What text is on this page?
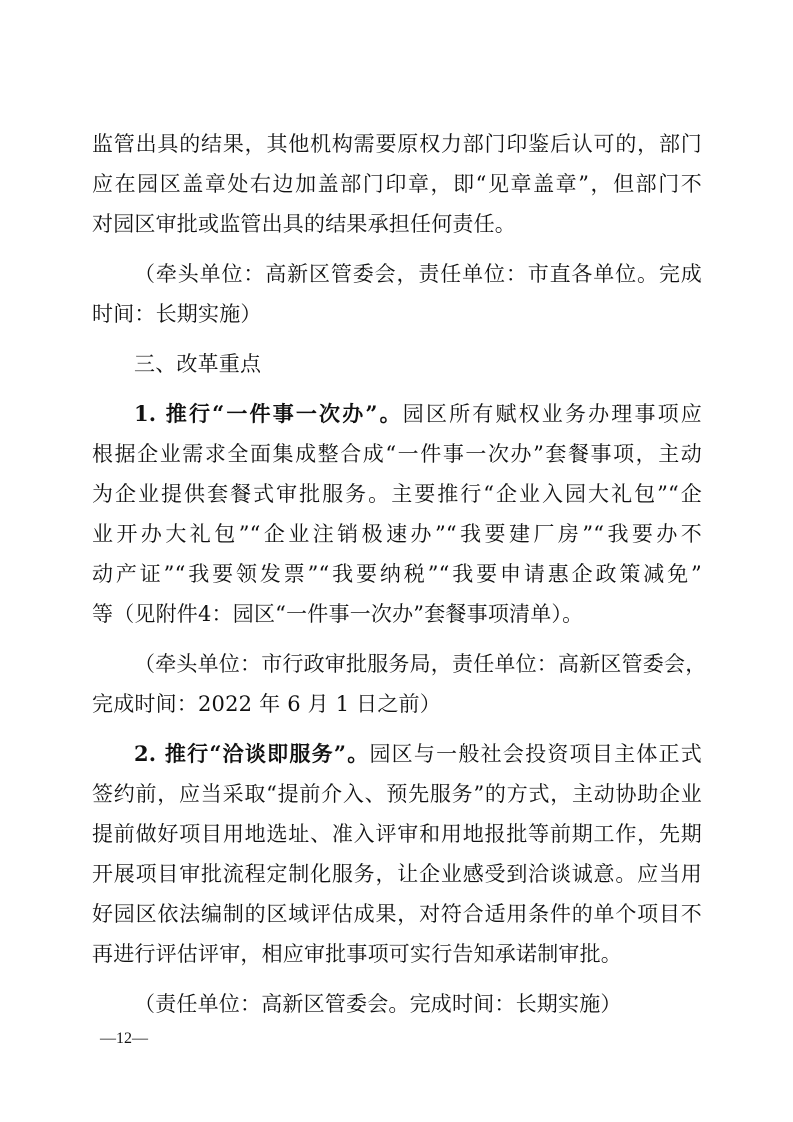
监管出具的结果，其他机构需要原权力部门印鉴后认可的，部门
应在园区盖章处右边加盖部门印章，即“见章盖章”，但部门不
对园区审批或监管出具的结果承担任何责任。
（牵头单位：高新区管委会，责任单位：市直各单位。完成
时间：长期实施）
三、改革重点
1. 推行“一件事一次办”。园区所有赋权业务办理事项应
根据企业需求全面集成整合成“一件事一次办”套餐事项，主动
为企业提供套餐式审批服务。主要推行“企业入园大礼包”“企
业开办大礼包”“企业注销极速办”“我要建厂房”“我要办不
动产证”“我要领发票”“我要纳税”“我要申请惠企政策减免”
等（见附件4：园区“一件事一次办”套餐事项清单）。
（牵头单位：市行政审批服务局，责任单位：高新区管委会，
完成时间：2022 年 6 月 1 日之前）
2. 推行“洽谈即服务”。园区与一般社会投资项目主体正式
签约前，应当采取“提前介入、预先服务”的方式，主动协助企业
提前做好项目用地选址、准入评审和用地报批等前期工作，先期
开展项目审批流程定制化服务，让企业感受到洽谈诚意。应当用
好园区依法编制的区域评估成果，对符合适用条件的单个项目不
再进行评估评审，相应审批事项可实行告知承诺制审批。
（责任单位：高新区管委会。完成时间：长期实施）
—12—
